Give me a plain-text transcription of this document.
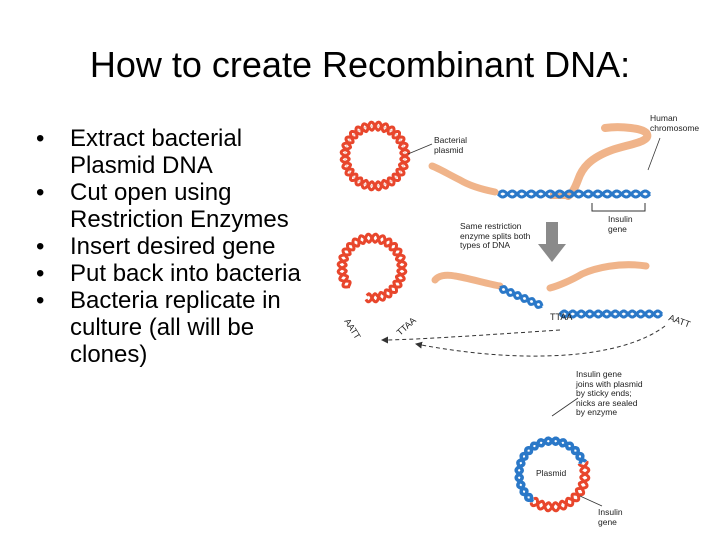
How to create Recombinant DNA:
• Extract bacterial Plasmid DNA
• Cut open using Restriction Enzymes
• Insert desired gene
• Put back into bacteria
• Bacteria replicate in culture (all will be clones)
AATT	TTAA	TTAA	AATT
Bacterial
plasmid
Human
chromosome
Insulin
gene
Same restriction
enzyme splits both
types of DNA
Insulin gene
joins with plasmid
by sticky ends;
nicks are sealed
by enzyme
Plasmid
Insulin
gene
